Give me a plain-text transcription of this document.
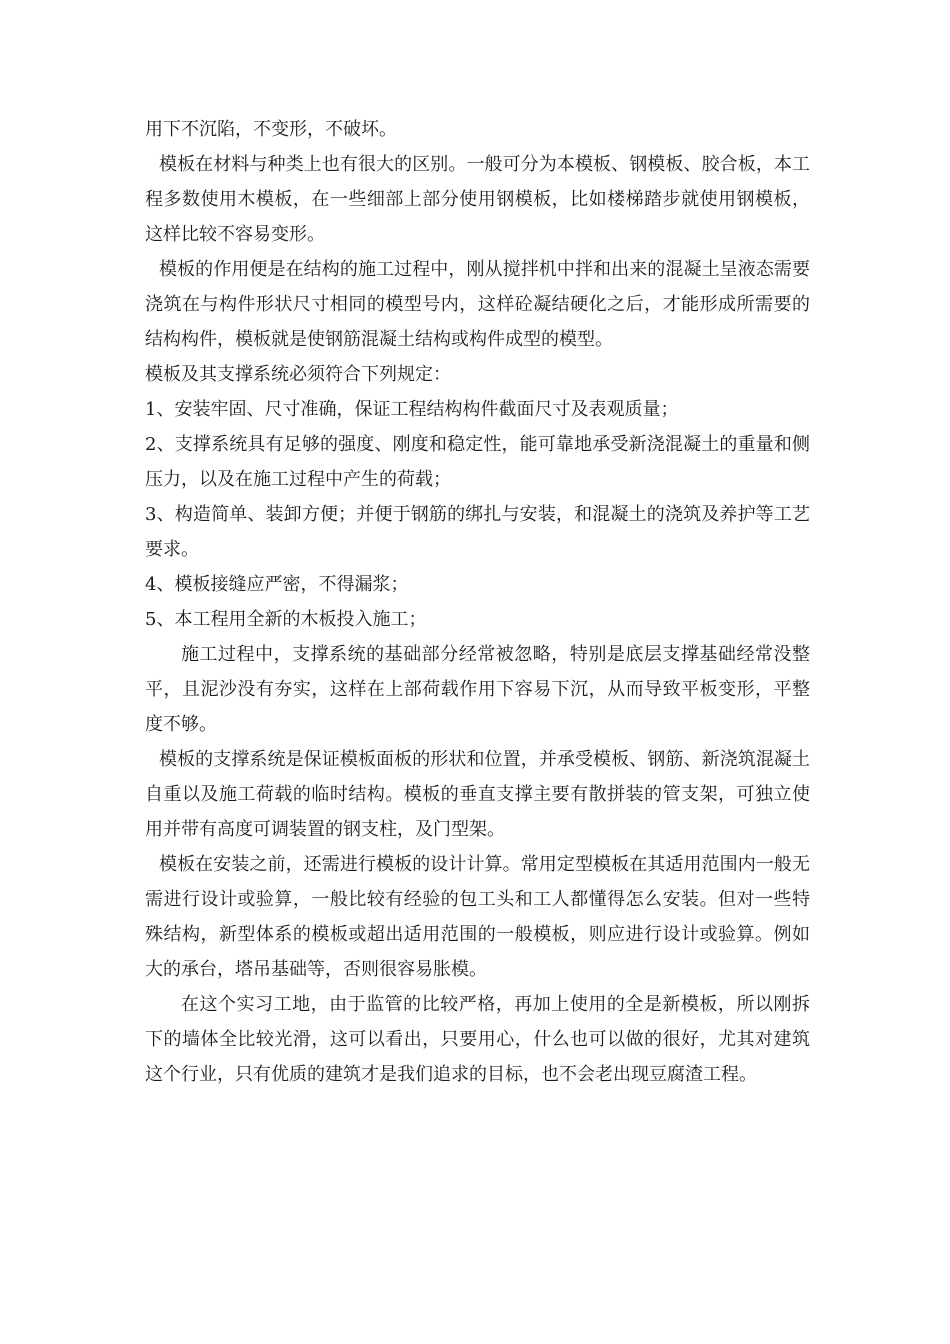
用下不沉陷，不变形，不破坏。

模板在材料与种类上也有很大的区别。一般可分为本模板、钢模板、胶合板，本工程多数使用木模板，在一些细部上部分使用钢模板，比如楼梯踏步就使用钢模板，这样比较不容易变形。

模板的作用便是在结构的施工过程中，刚从搅拌机中拌和出来的混凝土呈液态需要浇筑在与构件形状尺寸相同的模型号内，这样砼凝结硬化之后，才能形成所需要的结构构件，模板就是使钢筋混凝土结构或构件成型的模型。

模板及其支撑系统必须符合下列规定：

1、安装牢固、尺寸准确，保证工程结构构件截面尺寸及表观质量；

2、支撑系统具有足够的强度、刚度和稳定性，能可靠地承受新浇混凝土的重量和侧压力，以及在施工过程中产生的荷载；

3、构造简单、装卸方便；并便于钢筋的绑扎与安装，和混凝土的浇筑及养护等工艺要求。

4、模板接缝应严密，不得漏浆；

5、本工程用全新的木板投入施工；

施工过程中，支撑系统的基础部分经常被忽略，特别是底层支撑基础经常没整平，且泥沙没有夯实，这样在上部荷载作用下容易下沉，从而导致平板变形，平整度不够。

模板的支撑系统是保证模板面板的形状和位置，并承受模板、钢筋、新浇筑混凝土自重以及施工荷载的临时结构。模板的垂直支撑主要有散拼装的管支架，可独立使用并带有高度可调装置的钢支柱，及门型架。

模板在安装之前，还需进行模板的设计计算。常用定型模板在其适用范围内一般无需进行设计或验算，一般比较有经验的包工头和工人都懂得怎么安装。但对一些特殊结构，新型体系的模板或超出适用范围的一般模板，则应进行设计或验算。例如大的承台，塔吊基础等，否则很容易胀模。

在这个实习工地，由于监管的比较严格，再加上使用的全是新模板，所以刚拆下的墙体全比较光滑，这可以看出，只要用心，什么也可以做的很好，尤其对建筑这个行业，只有优质的建筑才是我们追求的目标，也不会老出现豆腐渣工程。
